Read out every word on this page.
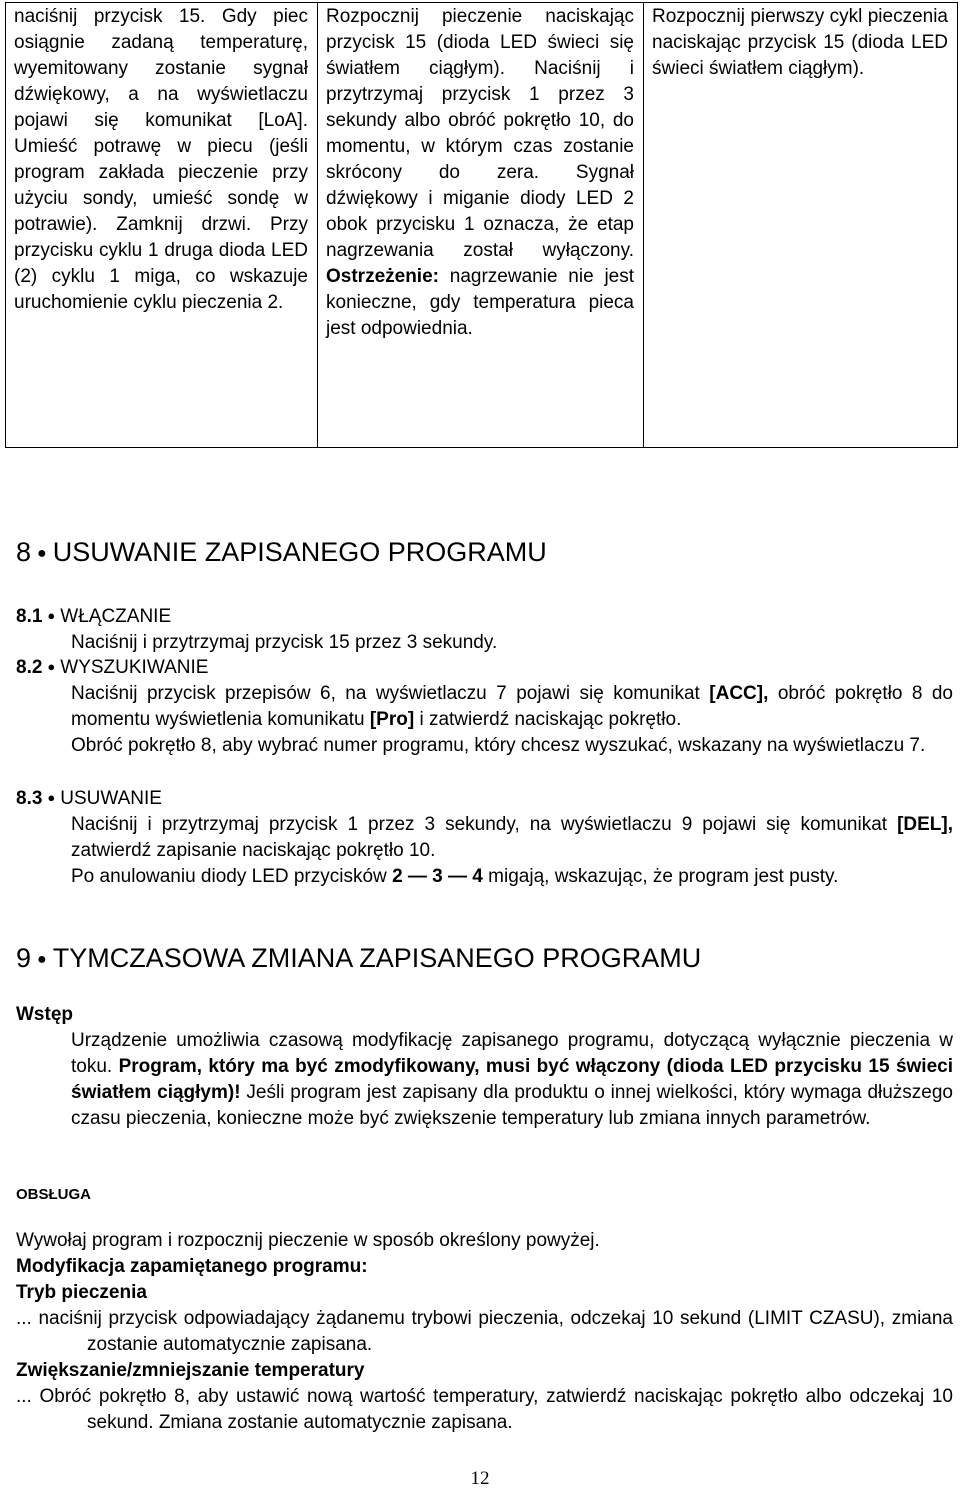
naciśnij przycisk 15. Gdy piec osiągnie zadaną temperaturę, wyemitowany zostanie sygnał dźwiękowy, a na wyświetlaczu pojawi się komunikat [LoA]. Umieść potrawę w piecu (jeśli program zakłada pieczenie przy użyciu sondy, umieść sondę w potrawie). Zamknij drzwi. Przy przycisku cyklu 1 druga dioda LED (2) cyklu 1 miga, co wskazuje uruchomienie cyklu pieczenia 2.	Rozpocznij pieczenie naciskając przycisk 15 (dioda LED świeci się światłem ciągłym). Naciśnij i przytrzymaj przycisk 1 przez 3 sekundy albo obróć pokrętło 10, do momentu, w którym czas zostanie skrócony do zera. Sygnał dźwiękowy i miganie diody LED 2 obok przycisku 1 oznacza, że etap nagrzewania został wyłączony. Ostrzeżenie: nagrzewanie nie jest konieczne, gdy temperatura pieca jest odpowiednia.	Rozpocznij pierwszy cykl pieczenia naciskając przycisk 15 (dioda LED świeci światłem ciągłym).
8 ● USUWANIE ZAPISANEGO PROGRAMU
8.1 ● WŁĄCZANIE

Naciśnij i przytrzymaj przycisk 15 przez 3 sekundy.

8.2 ● WYSZUKIWANIE

Naciśnij przycisk przepisów 6, na wyświetlaczu 7 pojawi się komunikat [ACC], obróć pokrętło 8 do momentu wyświetlenia komunikatu [Pro] i zatwierdź naciskając pokrętło.

Obróć pokrętło 8, aby wybrać numer programu, który chcesz wyszukać, wskazany na wyświetlaczu 7.

8.3 ● USUWANIE

Naciśnij i przytrzymaj przycisk 1 przez 3 sekundy, na wyświetlaczu 9 pojawi się komunikat [DEL], zatwierdź zapisanie naciskając pokrętło 10.

Po anulowaniu diody LED przycisków 2 — 3 — 4 migają, wskazując, że program jest pusty.

9 ● TYMCZASOWA ZMIANA ZAPISANEGO PROGRAMU
Wstęp

Urządzenie umożliwia czasową modyfikację zapisanego programu, dotyczącą wyłącznie pieczenia w toku. Program, który ma być zmodyfikowany, musi być włączony (dioda LED przycisku 15 świeci światłem ciągłym)! Jeśli program jest zapisany dla produktu o innej wielkości, który wymaga dłuższego czasu pieczenia, konieczne może być zwiększenie temperatury lub zmiana innych parametrów.

OBSŁUGA

Wywołaj program i rozpocznij pieczenie w sposób określony powyżej.

Modyfikacja zapamiętanego programu:

Tryb pieczenia

... naciśnij przycisk odpowiadający żądanemu trybowi pieczenia, odczekaj 10 sekund (LIMIT CZASU), zmiana zostanie automatycznie zapisana.

Zwiększanie/zmniejszanie temperatury

... Obróć pokrętło 8, aby ustawić nową wartość temperatury, zatwierdź naciskając pokrętło albo odczekaj 10 sekund. Zmiana zostanie automatycznie zapisana.

12
